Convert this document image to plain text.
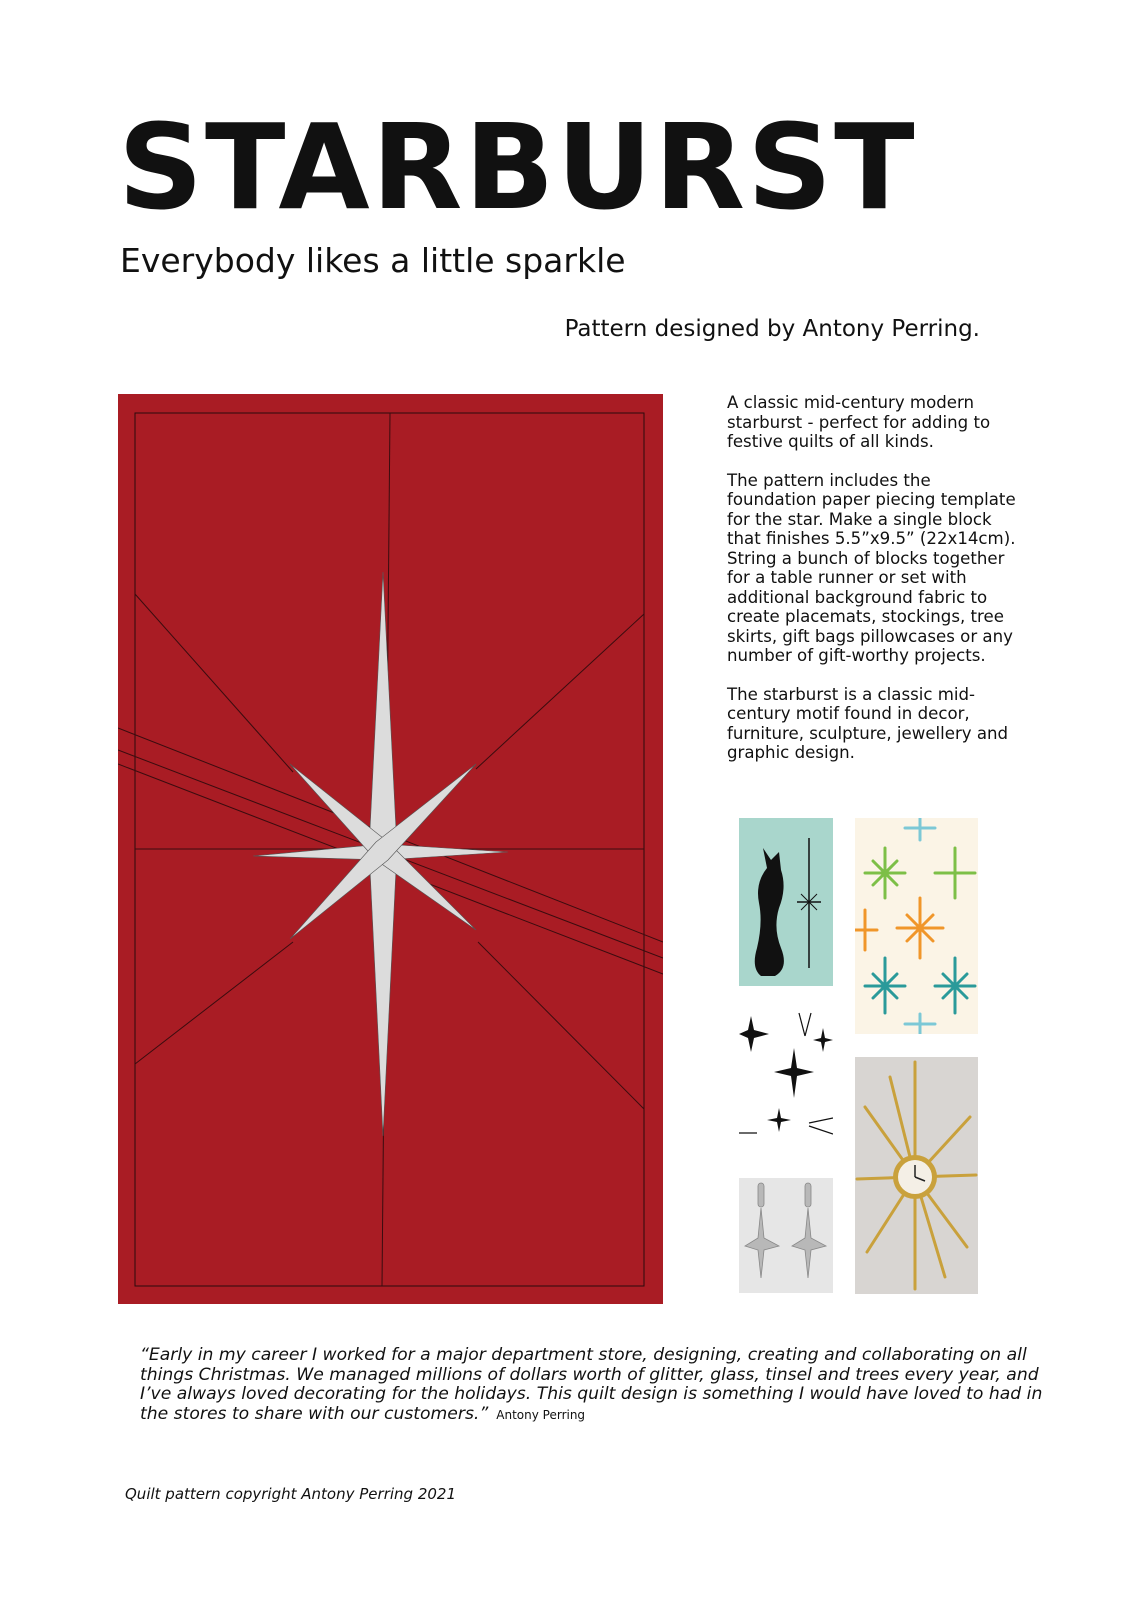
STARBURST
Everybody likes a little sparkle
Pattern designed by Antony Perring.

A classic mid-century modern starburst - perfect for adding to festive quilts of all kinds.

The pattern includes the foundation paper piecing template for the star. Make a single block that finishes 5.5”x9.5” (22x14cm). String a bunch of blocks together for a table runner or set with additional background fabric to create placemats, stockings, tree skirts, gift bags pillowcases or any number of gift-worthy projects.

The starburst is a classic mid-century motif found in decor, furniture, sculpture, jewellery and graphic design.

“Early in my career I worked for a major department store, designing, creating and collaborating on all things Christmas. We managed millions of dollars worth of glitter, glass, tinsel and trees every year, and I’ve always loved decorating for the holidays. This quilt design is something I would have loved to had in the stores to share with our customers.” Antony Perring
Quilt pattern copyright Antony Perring 2021
